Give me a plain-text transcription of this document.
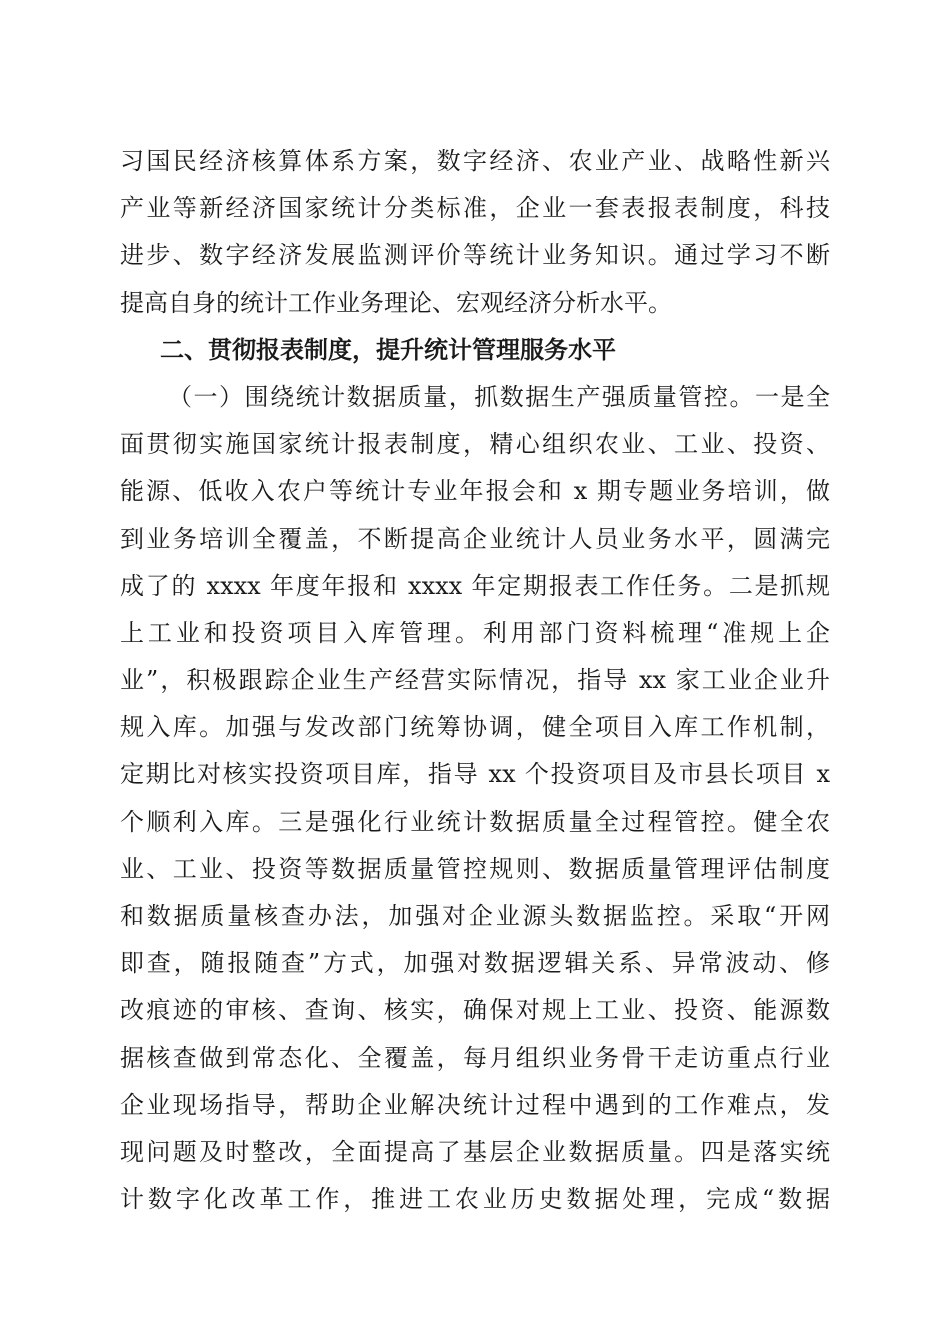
习国民经济核算体系方案，数字经济、农业产业、战略性新兴
产业等新经济国家统计分类标准，企业一套表报表制度，科技
进步、数字经济发展监测评价等统计业务知识。通过学习不断
提高自身的统计工作业务理论、宏观经济分析水平。
二、贯彻报表制度，提升统计管理服务水平
（一）围绕统计数据质量，抓数据生产强质量管控。一是全
面贯彻实施国家统计报表制度，精心组织农业、工业、投资、
能源、低收入农户等统计专业年报会和 x 期专题业务培训，做
到业务培训全覆盖，不断提高企业统计人员业务水平，圆满完
成了的 xxxx 年度年报和 xxxx 年定期报表工作任务。二是抓规
上工业和投资项目入库管理。利用部门资料梳理“准规上企
业”，积极跟踪企业生产经营实际情况，指导 xx 家工业企业升
规入库。加强与发改部门统筹协调，健全项目入库工作机制，
定期比对核实投资项目库，指导 xx 个投资项目及市县长项目 x
个顺利入库。三是强化行业统计数据质量全过程管控。健全农
业、工业、投资等数据质量管控规则、数据质量管理评估制度
和数据质量核查办法，加强对企业源头数据监控。采取“开网
即查，随报随查”方式，加强对数据逻辑关系、异常波动、修
改痕迹的审核、查询、核实，确保对规上工业、投资、能源数
据核查做到常态化、全覆盖，每月组织业务骨干走访重点行业
企业现场指导，帮助企业解决统计过程中遇到的工作难点，发
现问题及时整改，全面提高了基层企业数据质量。四是落实统
计数字化改革工作，推进工农业历史数据处理，完成“数据
